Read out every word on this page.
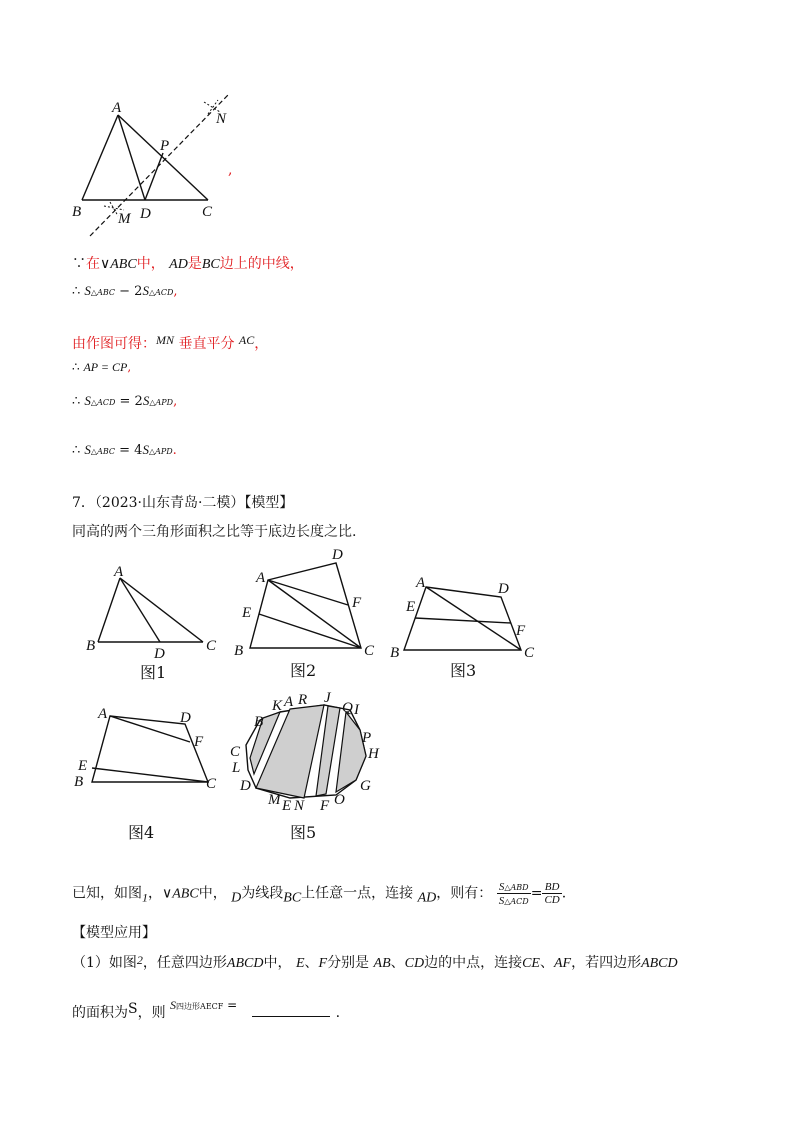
A
N
P
B M D	C
,
∵在∨ABC中， AD是BC边上的中线，
∴ S△ABC − 2S△ACD,
由作图可得：MN 垂直平分 AC，
∴ AP = CP,
∴ S△ACD = 2S△APD,
∴ S△ABC = 4S△APD.
7．（2023·山东青岛·二模）【模型】
同高的两个三角形面积之比等于底边长度之比.
A
B	D	C
图1
D
A
F
E
B	C
图2
A	D
E
F
B	C
图3
A	D
F
E
B	C
图4
K A R J
Q I
B
P
C	H
L
G
D
M E N F O
图5
已知，如图1，∨ABC中， D为线段BC上任意一点，连接 AD，则有： $\frac{\text{S△ABD}}{\text{S△ACD}} = \frac{BD}{CD}$ .
【模型应用】
（1）如图2，任意四边形ABCD中， E、F分别是 AB、CD边的中点，连接CE、AF，若四边形ABCD
的面积为S，则 S四边形AECF =	.
